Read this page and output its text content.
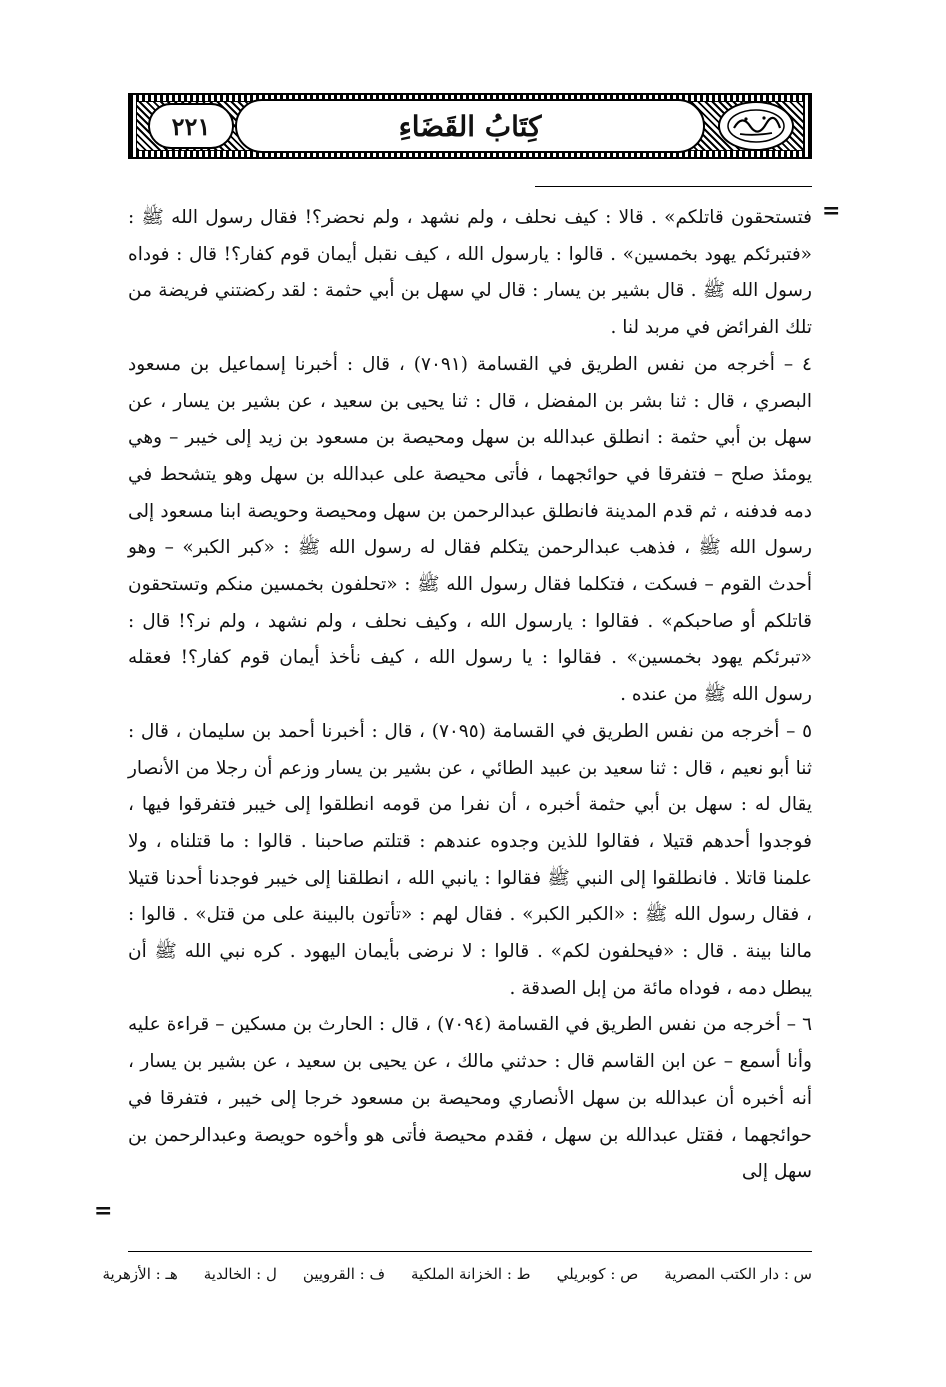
٢٢١	كِتَابُ القَضَاءِ
=

فتستحقون قاتلكم» . قالا : كيف نحلف ، ولم نشهد ، ولم نحضر؟! فقال رسول الله ﷺ : «فتبرئكم يهود بخمسين» . قالوا : يارسول الله ، كيف نقبل أيمان قوم كفار؟! قال : فوداه رسول الله ﷺ . قال بشير بن يسار : قال لي سهل بن أبي حثمة : لقد ركضتني فريضة من تلك الفرائض في مربد لنا .

٤ – أخرجه من نفس الطريق في القسامة (٧٠٩١) ، قال : أخبرنا إسماعيل بن مسعود البصري ، قال : ثنا بشر بن المفضل ، قال : ثنا يحيى بن سعيد ، عن بشير بن يسار ، عن سهل بن أبي حثمة : انطلق عبدالله بن سهل ومحيصة بن مسعود بن زيد إلى خيبر – وهي يومئذ صلح – فتفرقا في حوائجهما ، فأتى محيصة على عبدالله بن سهل وهو يتشحط في دمه فدفنه ، ثم قدم المدينة فانطلق عبدالرحمن بن سهل ومحيصة وحويصة ابنا مسعود إلى رسول الله ﷺ ، فذهب عبدالرحمن يتكلم فقال له رسول الله ﷺ : «كبر الكبر» – وهو أحدث القوم – فسكت ، فتكلما فقال رسول الله ﷺ : «تحلفون بخمسين منكم وتستحقون قاتلكم أو صاحبكم» . فقالوا : يارسول الله ، وكيف نحلف ، ولم نشهد ، ولم نر؟! قال : «تبرئكم يهود بخمسين» . فقالوا : يا رسول الله ، كيف نأخذ أيمان قوم كفار؟! فعقله رسول الله ﷺ من عنده .

٥ – أخرجه من نفس الطريق في القسامة (٧٠٩٥) ، قال : أخبرنا أحمد بن سليمان ، قال : ثنا أبو نعيم ، قال : ثنا سعيد بن عبيد الطائي ، عن بشير بن يسار وزعم أن رجلا من الأنصار يقال له : سهل بن أبي حثمة أخبره ، أن نفرا من قومه انطلقوا إلى خيبر فتفرقوا فيها ، فوجدوا أحدهم قتيلا ، فقالوا للذين وجدوه عندهم : قتلتم صاحبنا . قالوا : ما قتلناه ، ولا علمنا قاتلا . فانطلقوا إلى النبي ﷺ فقالوا : يانبي الله ، انطلقنا إلى خيبر فوجدنا أحدنا قتيلا ، فقال رسول الله ﷺ : «الكبر الكبر» . فقال لهم : «تأتون بالبينة على من قتل» . قالوا : مالنا بينة . قال : «فيحلفون لكم» . قالوا : لا نرضى بأيمان اليهود . كره نبي الله ﷺ أن يبطل دمه ، فوداه مائة من إبل الصدقة .

٦ – أخرجه من نفس الطريق في القسامة (٧٠٩٤) ، قال : الحارث بن مسكين – قراءة عليه وأنا أسمع – عن ابن القاسم قال : حدثني مالك ، عن يحيى بن سعيد ، عن بشير بن يسار ، أنه أخبره أن عبدالله بن سهل الأنصاري ومحيصة بن مسعود خرجا إلى خيبر ، فتفرقا في حوائجهما ، فقتل عبدالله بن سهل ، فقدم محيصة فأتى هو وأخوه حويصة وعبدالرحمن بن سهل إلى

=
س : دار الكتب المصرية
ص : كوبريلي
ط : الخزانة الملكية
ف : القرويين
ل : الخالدية
هـ : الأزهرية
